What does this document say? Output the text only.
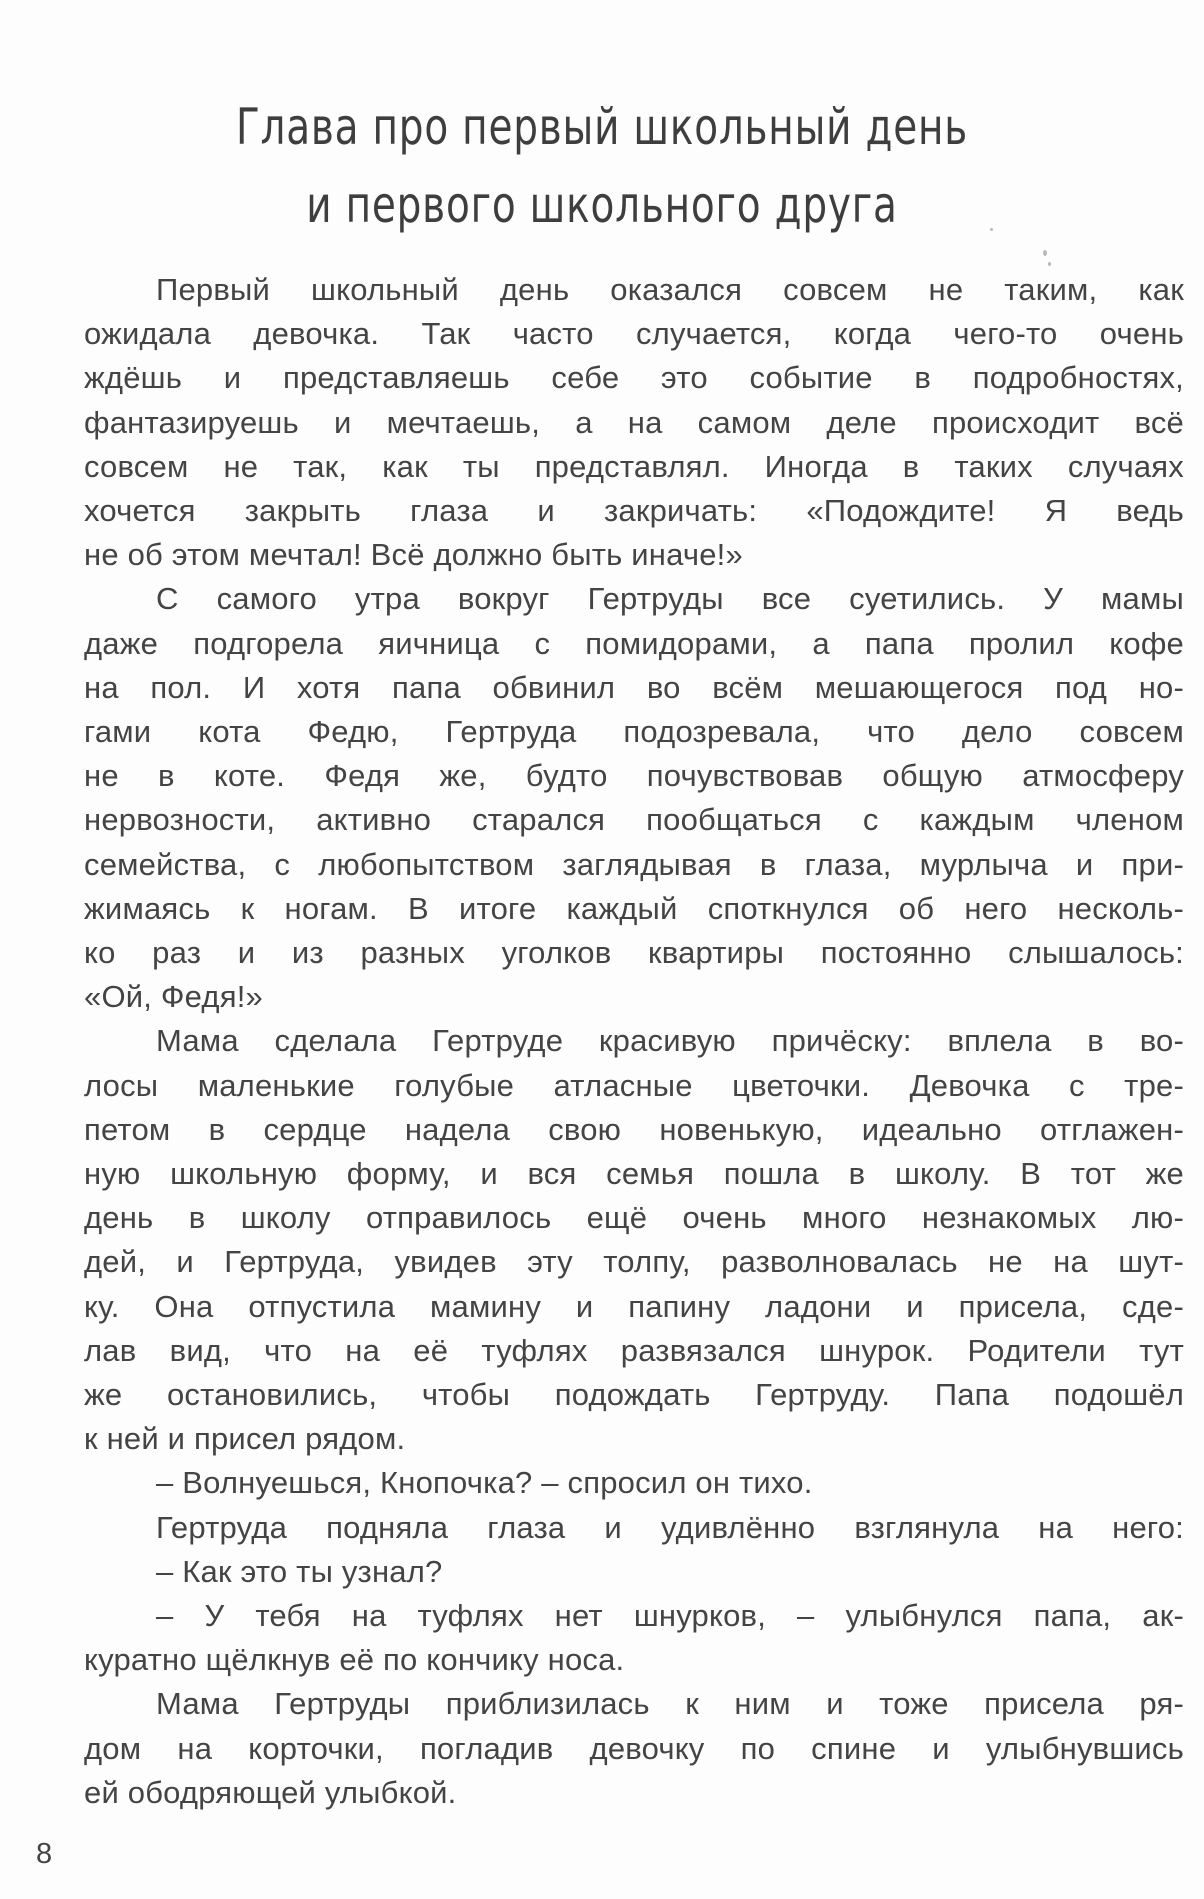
Глава про первый школьный день
и первого школьного друга
Первый школьный день оказался совсем не таким, как
ожидала девочка. Так часто случается, когда чего-то очень
ждёшь и представляешь себе это событие в подробностях,
фантазируешь и мечтаешь, а на самом деле происходит всё
совсем не так, как ты представлял. Иногда в таких случаях
хочется закрыть глаза и закричать: «Подождите! Я ведь
не об этом мечтал! Всё должно быть иначе!»
С самого утра вокруг Гертруды все суетились. У мамы
даже подгорела яичница с помидорами, а папа пролил кофе
на пол. И хотя папа обвинил во всём мешающегося под но-
гами кота Федю, Гертруда подозревала, что дело совсем
не в коте. Федя же, будто почувствовав общую атмосферу
нервозности, активно старался пообщаться с каждым членом
семейства, с любопытством заглядывая в глаза, мурлыча и при-
жимаясь к ногам. В итоге каждый споткнулся об него несколь-
ко раз и из разных уголков квартиры постоянно слышалось:
«Ой, Федя!»
Мама сделала Гертруде красивую причёску: вплела в во-
лосы маленькие голубые атласные цветочки. Девочка с тре-
петом в сердце надела свою новенькую, идеально отглажен-
ную школьную форму, и вся семья пошла в школу. В тот же
день в школу отправилось ещё очень много незнакомых лю-
дей, и Гертруда, увидев эту толпу, разволновалась не на шут-
ку. Она отпустила мамину и папину ладони и присела, сде-
лав вид, что на её туфлях развязался шнурок. Родители тут
же остановились, чтобы подождать Гертруду. Папа подошёл
к ней и присел рядом.
– Волнуешься, Кнопочка? – спросил он тихо.
Гертруда подняла глаза и удивлённо взглянула на него:
– Как это ты узнал?
– У тебя на туфлях нет шнурков, – улыбнулся папа, ак-
куратно щёлкнув её по кончику носа.
Мама Гертруды приблизилась к ним и тоже присела ря-
дом на корточки, погладив девочку по спине и улыбнувшись
ей ободряющей улыбкой.
8
